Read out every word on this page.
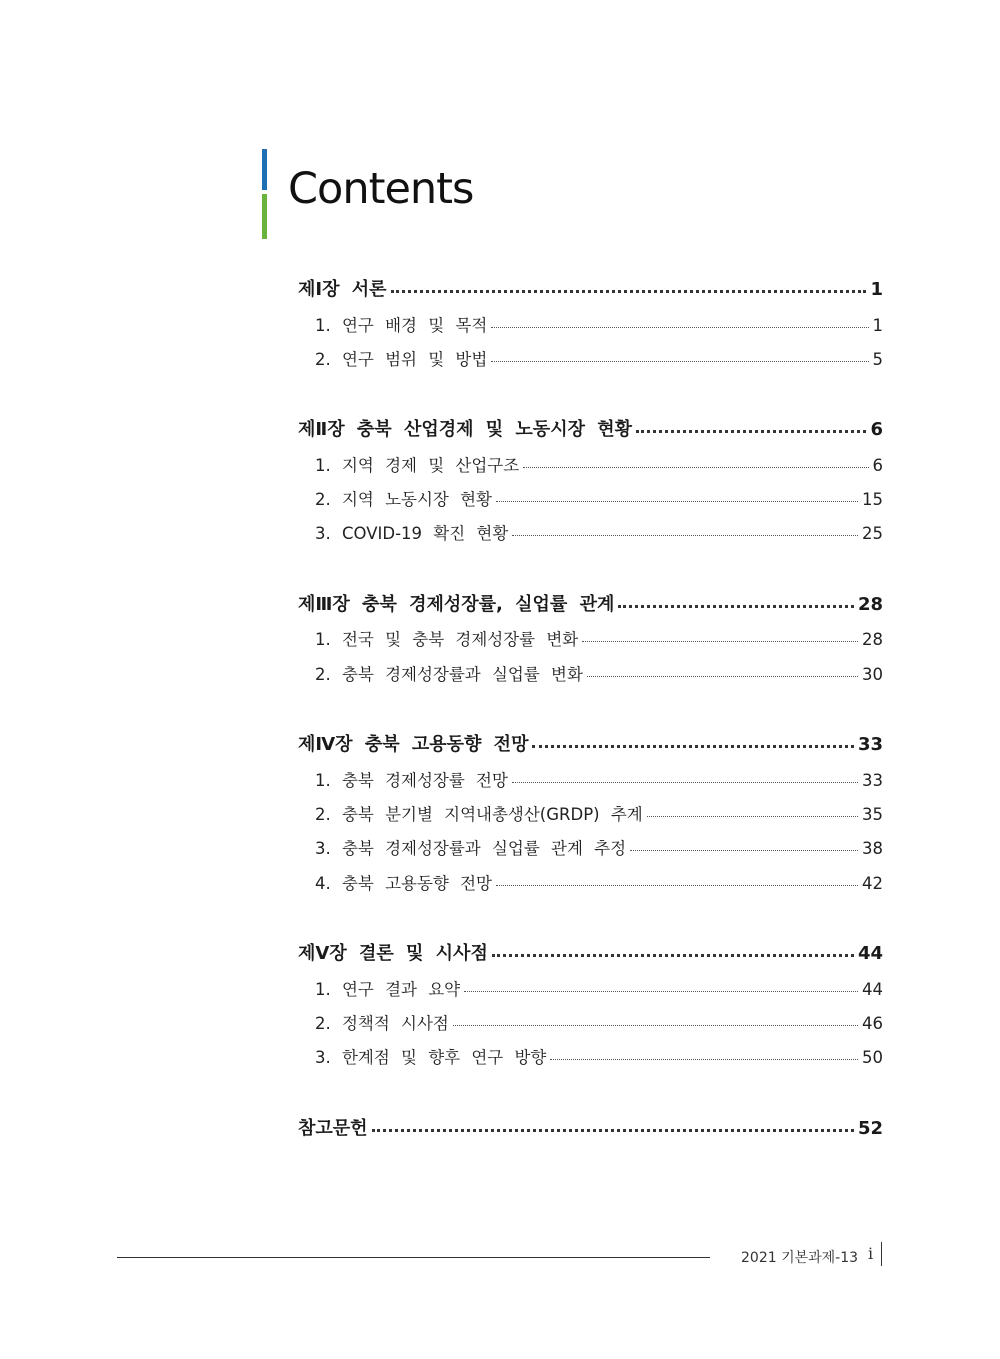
Contents
제Ⅰ장 서론	1
1. 연구 배경 및 목적	1
2. 연구 범위 및 방법	5
제Ⅱ장 충북 산업경제 및 노동시장 현황	6
1. 지역 경제 및 산업구조	6
2. 지역 노동시장 현황	15
3. COVID-19 확진 현황	25
제Ⅲ장 충북 경제성장률, 실업률 관계	28
1. 전국 및 충북 경제성장률 변화	28
2. 충북 경제성장률과 실업률 변화	30
제Ⅳ장 충북 고용동향 전망	33
1. 충북 경제성장률 전망	33
2. 충북 분기별 지역내총생산(GRDP) 추계	35
3. 충북 경제성장률과 실업률 관계 추정	38
4. 충북 고용동향 전망	42
제Ⅴ장 결론 및 시사점	44
1. 연구 결과 요약	44
2. 정책적 시사점	46
3. 한계점 및 향후 연구 방향	50
참고문헌	52
2021 기본과제-13 i
